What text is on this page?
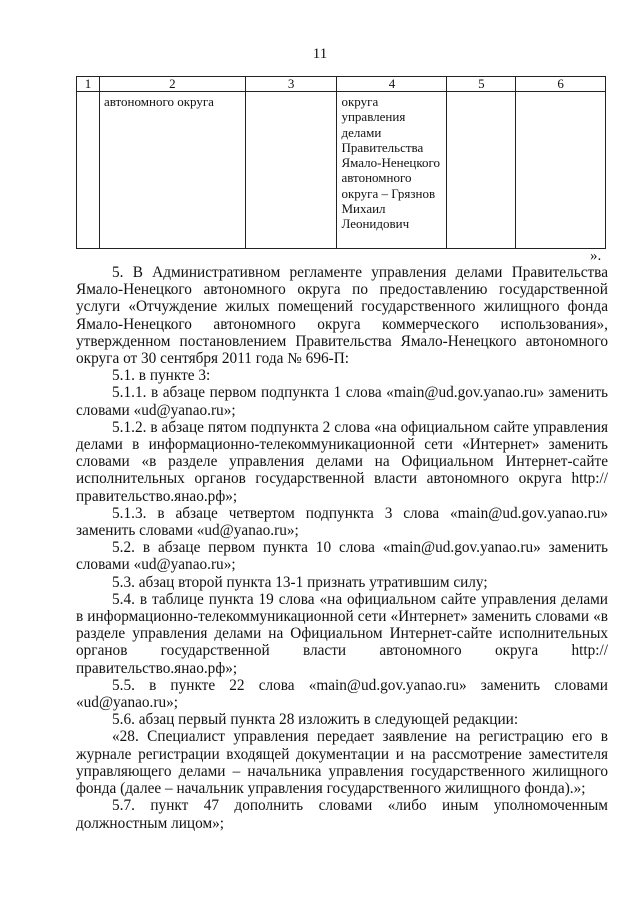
11
1	2	3	4	5	6
	автономного округа		округа управления делами Правительства Ямало-Ненецкого автономного округа – Грязнов Михаил Леонидович		
».

5. В Административном регламенте управления делами Правительства Ямало-Ненецкого автономного округа по предоставлению государственной услуги «Отчуждение жилых помещений государственного жилищного фонда Ямало-Ненецкого автономного округа коммерческого использования», утвержденном постановлением Правительства Ямало-Ненецкого автономного округа от 30 сентября 2011 года № 696-П:

5.1. в пункте 3:

5.1.1. в абзаце первом подпункта 1 слова «main@ud.gov.yanao.ru» заменить словами «ud@yanao.ru»;

5.1.2. в абзаце пятом подпункта 2 слова «на официальном сайте управления делами в информационно-телекоммуникационной сети «Интернет» заменить словами «в разделе управления делами на Официальном Интернет-сайте исполнительных органов государственной власти автономного округа http://правительство.янао.рф»;

5.1.3. в абзаце четвертом подпункта 3 слова «main@ud.gov.yanao.ru» заменить словами «ud@yanao.ru»;

5.2. в абзаце первом пункта 10 слова «main@ud.gov.yanao.ru» заменить словами «ud@yanao.ru»;

5.3. абзац второй пункта 13-1 признать утратившим силу;

5.4. в таблице пункта 19 слова «на официальном сайте управления делами в информационно-телекоммуникационной сети «Интернет» заменить словами «в разделе управления делами на Официальном Интернет-сайте исполнительных органов государственной власти автономного округа http://правительство.янао.рф»;

5.5. в пункте 22 слова «main@ud.gov.yanao.ru» заменить словами «ud@yanao.ru»;

5.6. абзац первый пункта 28 изложить в следующей редакции:

«28. Специалист управления передает заявление на регистрацию его в журнале регистрации входящей документации и на рассмотрение заместителя управляющего делами – начальника управления государственного жилищного фонда (далее – начальник управления государственного жилищного фонда).»;

5.7. пункт 47 дополнить словами «либо иным уполномоченным должностным лицом»;
